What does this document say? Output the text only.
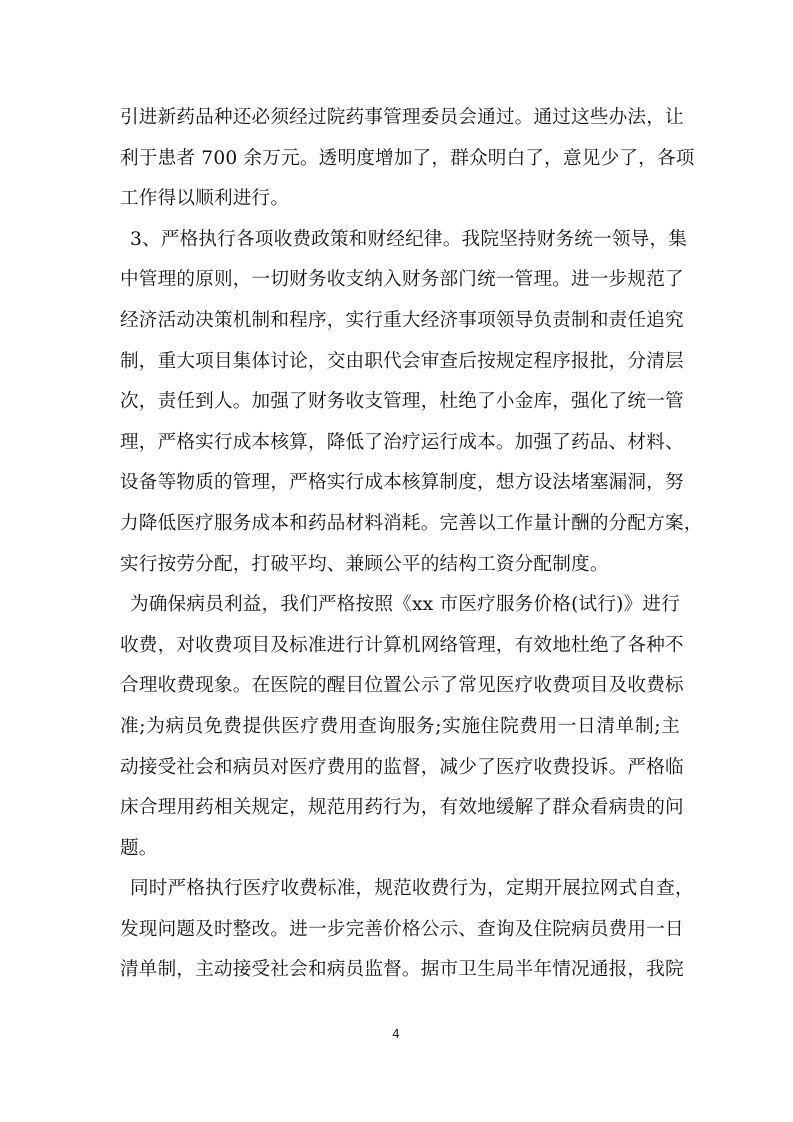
引进新药品种还必须经过院药事管理委员会通过。通过这些办法，让
利于患者 700 余万元。透明度增加了，群众明白了，意见少了，各项
工作得以顺利进行。
3、严格执行各项收费政策和财经纪律。我院坚持财务统一领导，集
中管理的原则，一切财务收支纳入财务部门统一管理。进一步规范了
经济活动决策机制和程序，实行重大经济事项领导负责制和责任追究
制，重大项目集体讨论，交由职代会审查后按规定程序报批，分清层
次，责任到人。加强了财务收支管理，杜绝了小金库，强化了统一管
理，严格实行成本核算，降低了治疗运行成本。加强了药品、材料、
设备等物质的管理，严格实行成本核算制度，想方设法堵塞漏洞，努
力降低医疗服务成本和药品材料消耗。完善以工作量计酬的分配方案，
实行按劳分配，打破平均、兼顾公平的结构工资分配制度。
为确保病员利益，我们严格按照《xx 市医疗服务价格(试行)》进行
收费，对收费项目及标准进行计算机网络管理，有效地杜绝了各种不
合理收费现象。在医院的醒目位置公示了常见医疗收费项目及收费标
准;为病员免费提供医疗费用查询服务;实施住院费用一日清单制;主
动接受社会和病员对医疗费用的监督，减少了医疗收费投诉。严格临
床合理用药相关规定，规范用药行为，有效地缓解了群众看病贵的问
题。
同时严格执行医疗收费标准，规范收费行为，定期开展拉网式自查，
发现问题及时整改。进一步完善价格公示、查询及住院病员费用一日
清单制，主动接受社会和病员监督。据市卫生局半年情况通报，我院
4
